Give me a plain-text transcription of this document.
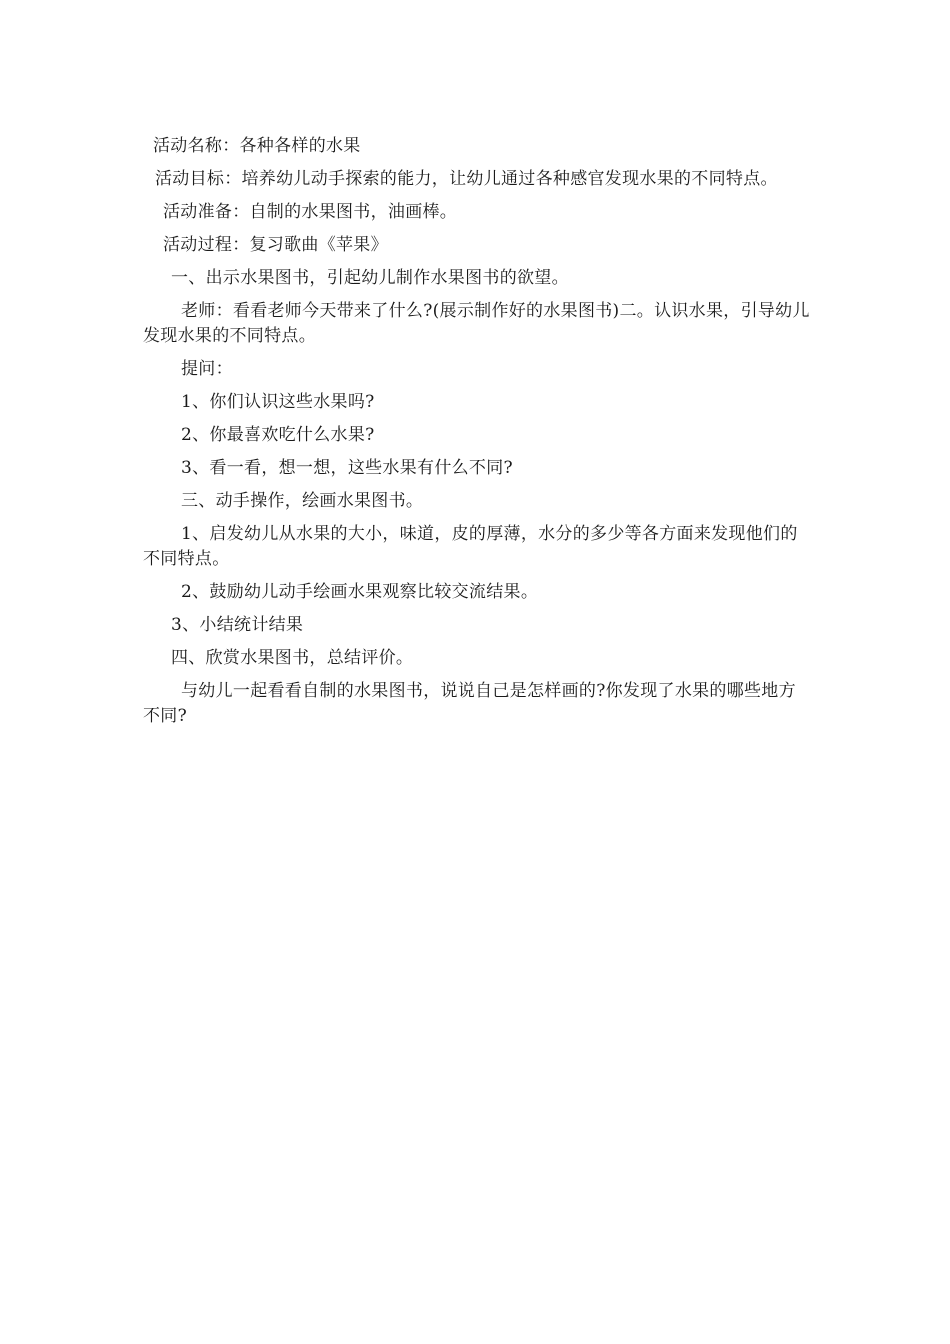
活动名称：各种各样的水果

活动目标：培养幼儿动手探索的能力，让幼儿通过各种感官发现水果的不同特点。

活动准备：自制的水果图书，油画棒。

活动过程：复习歌曲《苹果》

一、出示水果图书，引起幼儿制作水果图书的欲望。

老师：看看老师今天带来了什么?(展示制作好的水果图书)二。认识水果，引导幼儿发现水果的不同特点。

提问：

1、你们认识这些水果吗?

2、你最喜欢吃什么水果?

3、看一看，想一想，这些水果有什么不同?

三、动手操作，绘画水果图书。

1、启发幼儿从水果的大小，味道，皮的厚薄，水分的多少等各方面来发现他们的不同特点。

2、鼓励幼儿动手绘画水果观察比较交流结果。

3、小结统计结果

四、欣赏水果图书，总结评价。

与幼儿一起看看自制的水果图书，说说自己是怎样画的?你发现了水果的哪些地方不同?
